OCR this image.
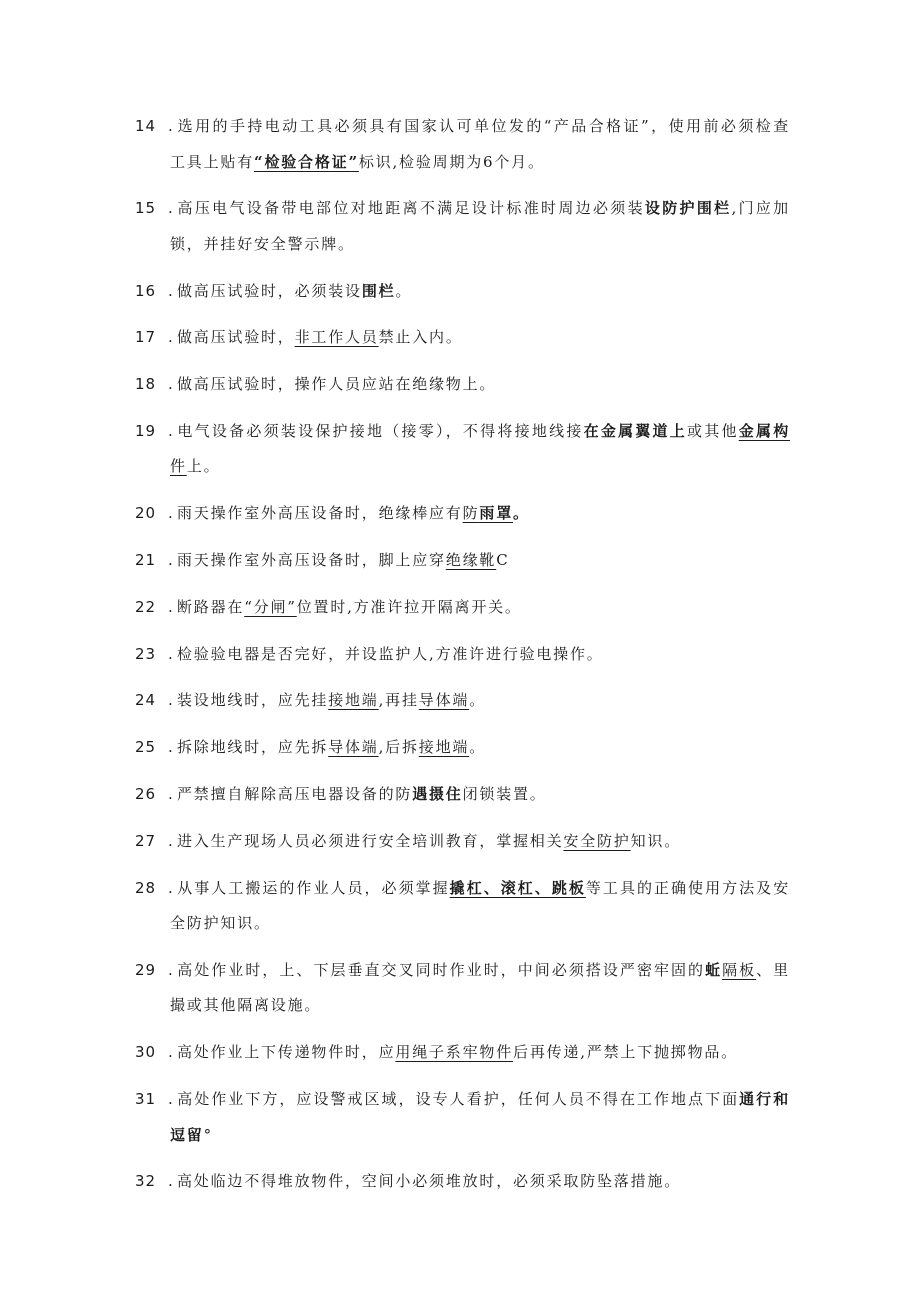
14 . 选用的手持电动工具必须具有国家认可单位发的“产品合格证”，使用前必须检查
工具上贴有“检验合格证”标识,检验周期为6个月。
15 . 高压电气设备带电部位对地距离不满足设计标准时周边必须装设防护围栏,门应加
锁，并挂好安全警示牌。
16 . 做高压试验时，必须装设围栏。
17 . 做高压试验时，非工作人员禁止入内。
18 . 做高压试验时，操作人员应站在绝缘物上。
19 . 电气设备必须装设保护接地（接零），不得将接地线接在金属翼道上或其他金属构
件上。
20 . 雨天操作室外高压设备时，绝缘棒应有防雨罩。
21 . 雨天操作室外高压设备时，脚上应穿绝缘靴C
22 . 断路器在“分闸”位置时,方准许拉开隔离开关。
23 . 检验验电器是否完好，并设监护人,方准许进行验电操作。
24 . 装设地线时，应先挂接地端,再挂导体端。
25 . 拆除地线时，应先拆导体端,后拆接地端。
26 . 严禁擅自解除高压电器设备的防遇摄住闭锁装置。
27 . 进入生产现场人员必须进行安全培训教育，掌握相关安全防护知识。
28 . 从事人工搬运的作业人员，必须掌握撬杠、滚杠、跳板等工具的正确使用方法及安
全防护知识。
29 . 高处作业时，上、下层垂直交叉同时作业时，中间必须搭设严密牢固的蚯隔板、里
撮或其他隔离设施。
30 . 高处作业上下传递物件时，应用绳子系牢物件后再传递,严禁上下抛掷物品。
31 . 高处作业下方，应设警戒区域，设专人看护，任何人员不得在工作地点下面通行和
逗留°
32 . 高处临边不得堆放物件，空间小必须堆放时，必须采取防坠落措施。
